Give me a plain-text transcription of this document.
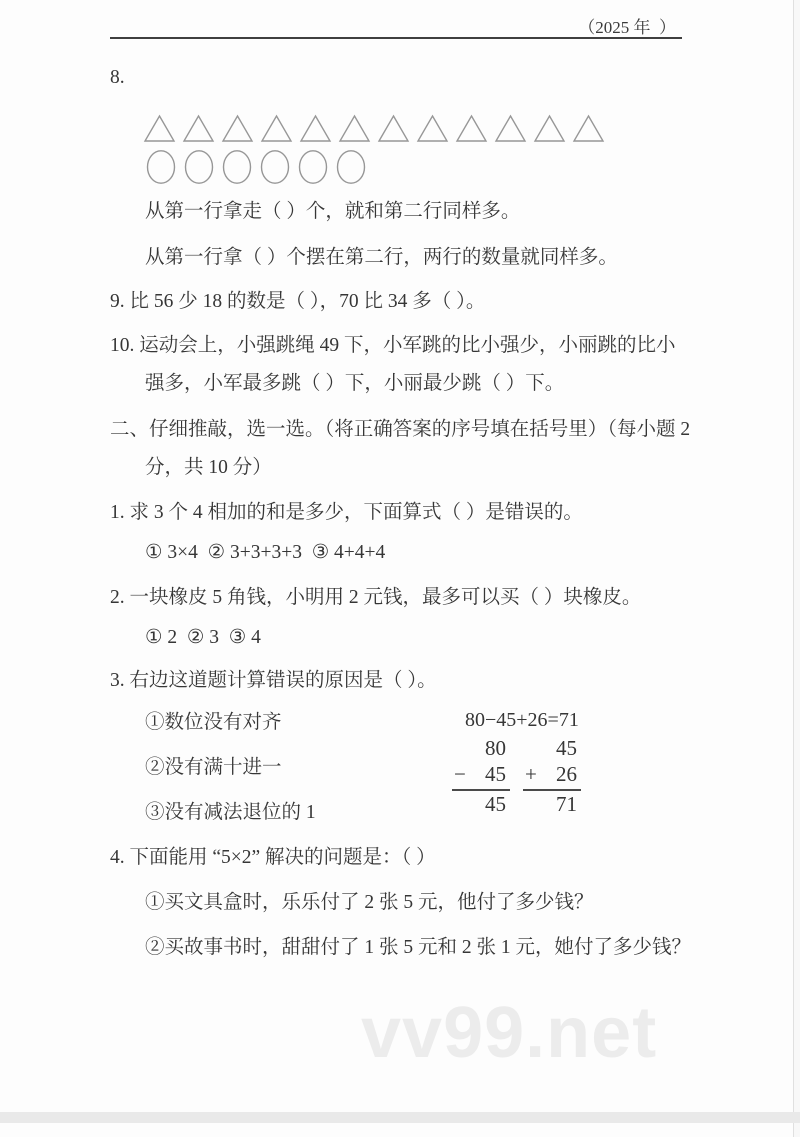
（2025 年  ）
8.
从第一行拿走（ ）个，就和第二行同样多。
从第一行拿（ ）个摆在第二行，两行的数量就同样多。
9. 比 56 少 18 的数是（ ），70 比 34 多（ ）。
10. 运动会上，小强跳绳 49 下，小军跳的比小强少，小丽跳的比小
强多，小军最多跳（ ）下，小丽最少跳（ ）下。
二、仔细推敲，选一选。（将正确答案的序号填在括号里）（每小题 2
分，共 10 分）
1. 求 3 个 4 相加的和是多少，下面算式（ ）是错误的。
① 3×4  ② 3+3+3+3  ③ 4+4+4
2. 一块橡皮 5 角钱，小明用 2 元钱，最多可以买（ ）块橡皮。
① 2  ② 3  ③ 4
3. 右边这道题计算错误的原因是（ ）。
①数位没有对齐
②没有满十进一
③没有减法退位的 1
80−45+26=71
80
− 45
45
45
+ 26
71
4. 下面能用 “5×2” 解决的问题是：（ ）
①买文具盒时，乐乐付了 2 张 5 元，他付了多少钱？
②买故事书时，甜甜付了 1 张 5 元和 2 张 1 元，她付了多少钱？
vv99.net
